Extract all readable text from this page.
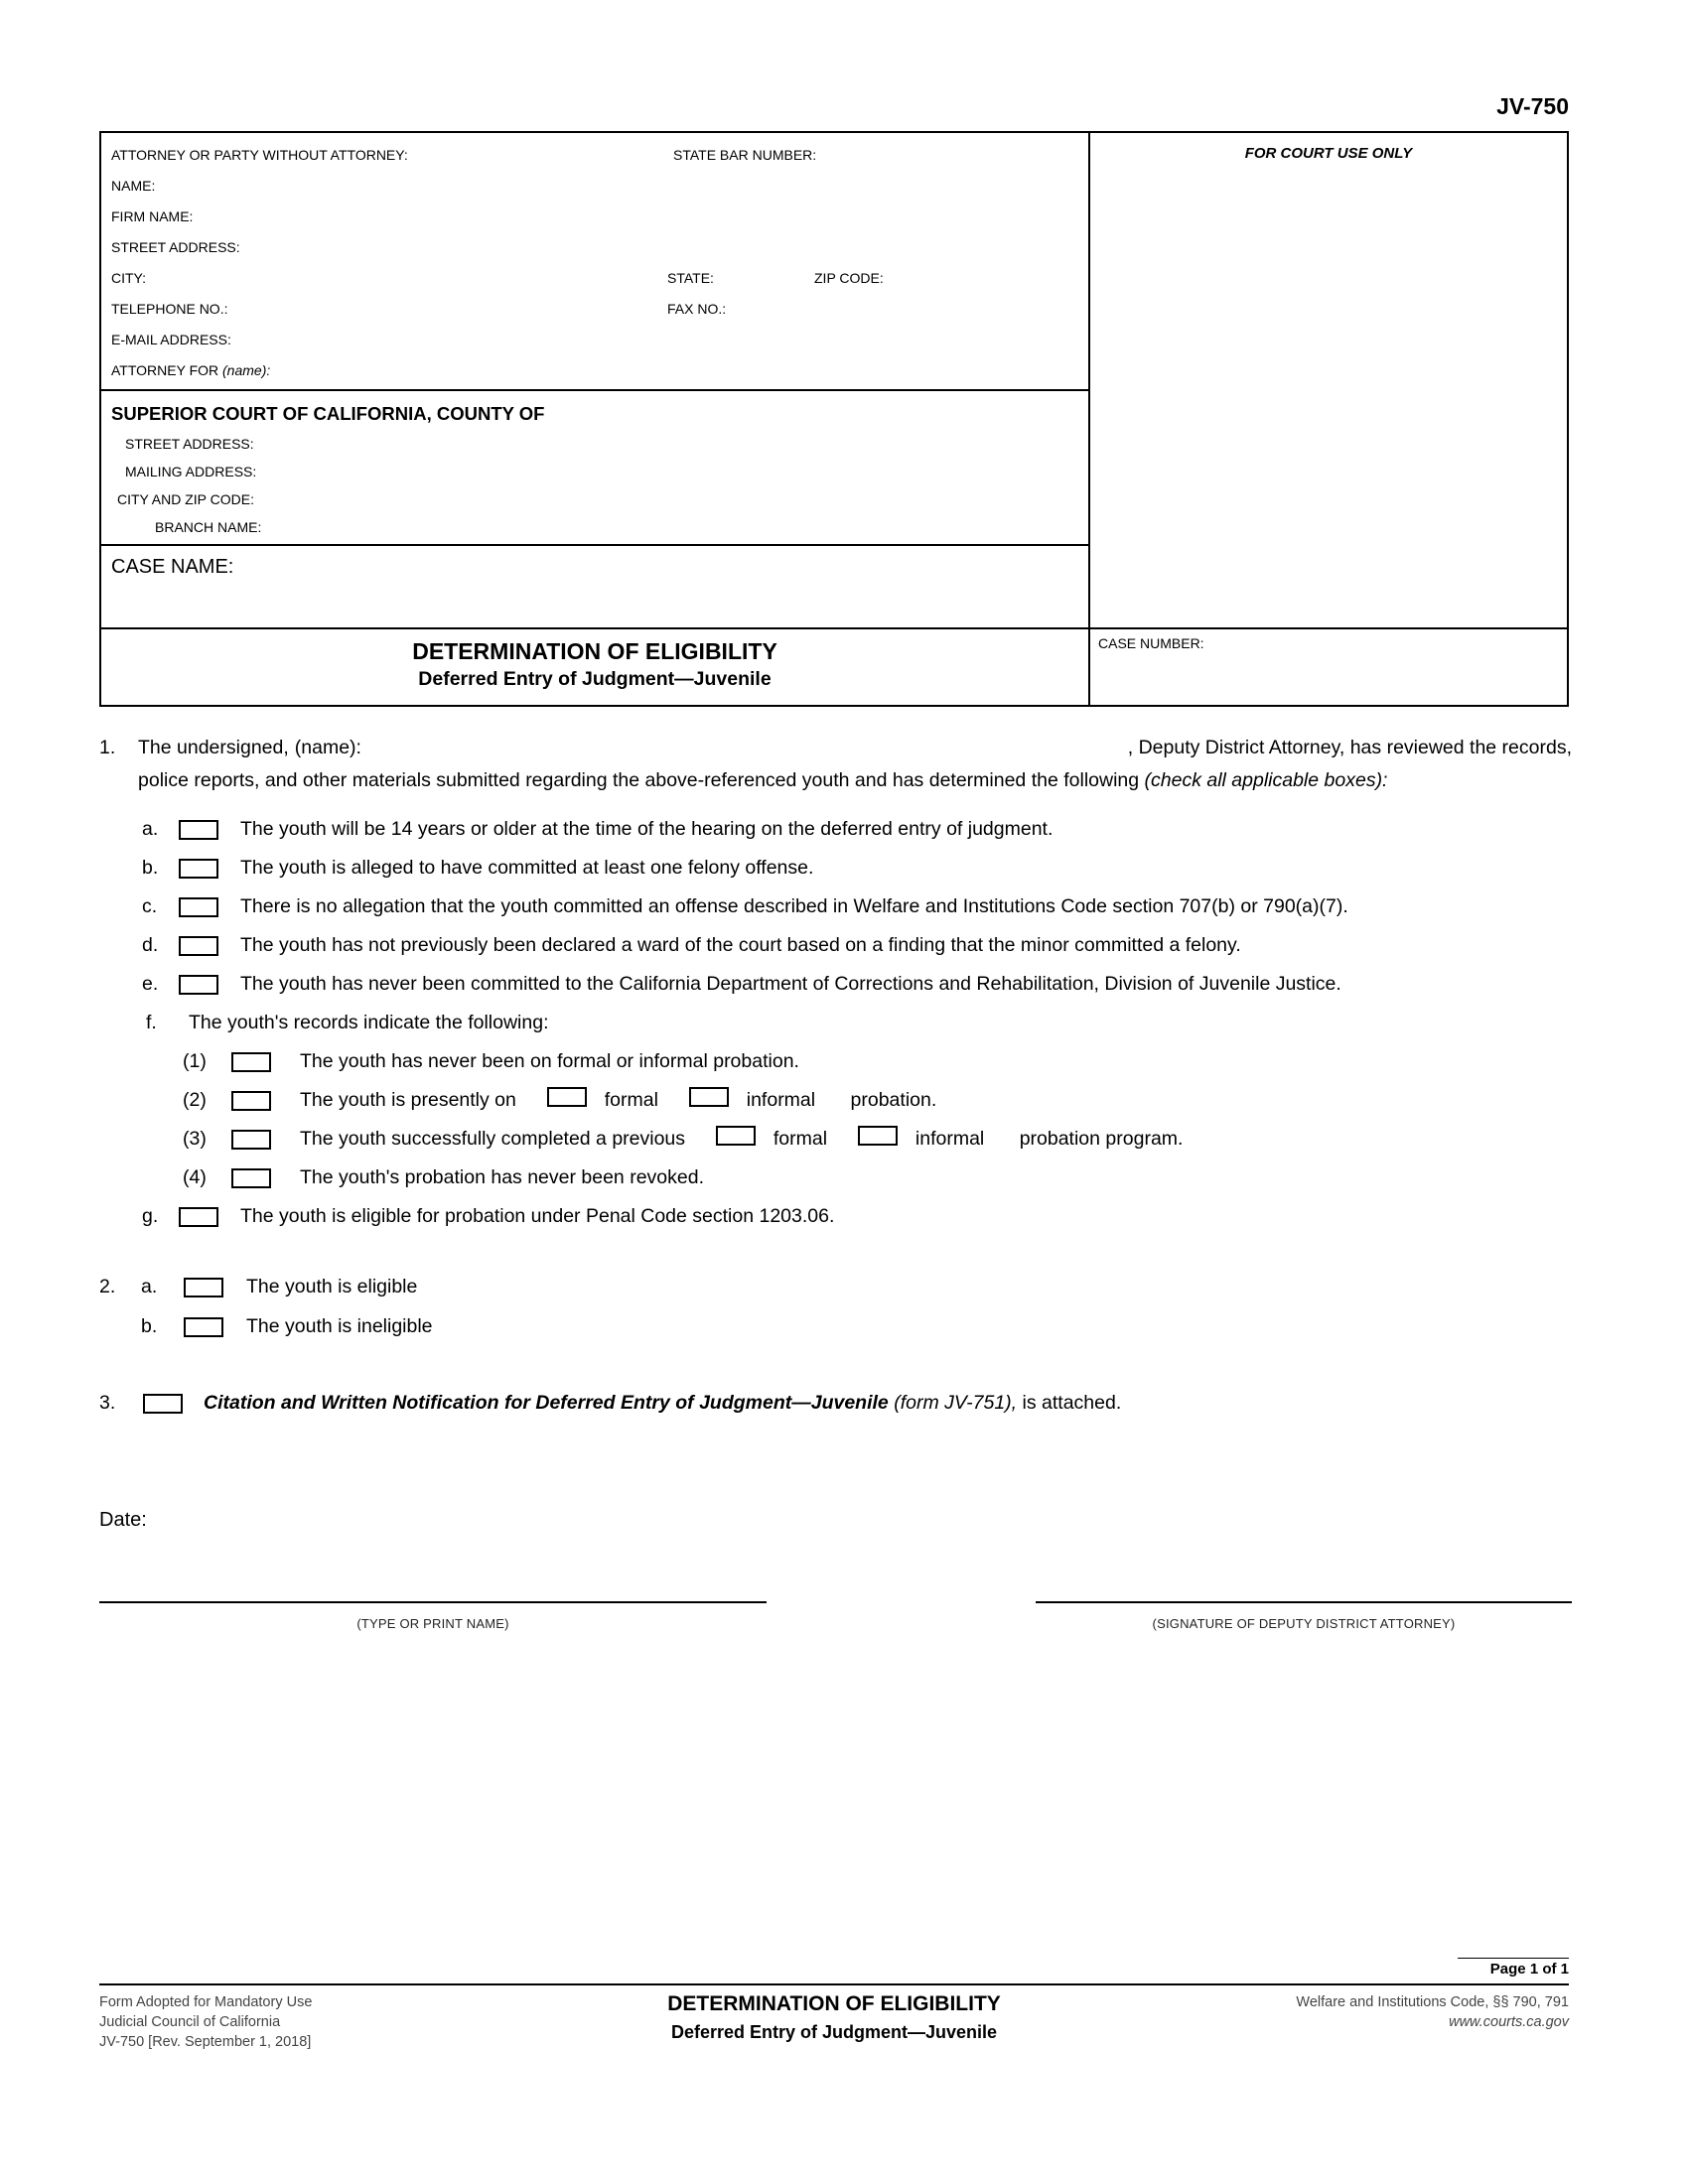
JV-750
ATTORNEY OR PARTY WITHOUT ATTORNEY:	STATE BAR NUMBER:
NAME:
FIRM NAME:
STREET ADDRESS:
CITY:	STATE:	ZIP CODE:
TELEPHONE NO.:	FAX NO.:
E-MAIL ADDRESS:
ATTORNEY FOR (name):
FOR COURT USE ONLY
SUPERIOR COURT OF CALIFORNIA, COUNTY OF
STREET ADDRESS:
MAILING ADDRESS:
CITY AND ZIP CODE:
BRANCH NAME:
CASE NAME:
DETERMINATION OF ELIGIBILITY
Deferred Entry of Judgment—Juvenile
CASE NUMBER:
1. The undersigned, (name):	, Deputy District Attorney, has reviewed the records,
police reports, and other materials submitted regarding the above-referenced youth and has determined the following (check all applicable boxes):
a.	The youth will be 14 years or older at the time of the hearing on the deferred entry of judgment.
b.	The youth is alleged to have committed at least one felony offense.
c.	There is no allegation that the youth committed an offense described in Welfare and Institutions Code section 707(b) or 790(a)(7).
d.	The youth has not previously been declared a ward of the court based on a finding that the minor committed a felony.
e.	The youth has never been committed to the California Department of Corrections and Rehabilitation, Division of Juvenile Justice.
f. The youth's records indicate the following:
(1)	The youth has never been on formal or informal probation.
(2)	The youth is presently on	formal	informal probation.
(3)	The youth successfully completed a previous	formal	informal probation program.
(4)	The youth's probation has never been revoked.
g.	The youth is eligible for probation under Penal Code section 1203.06.
2. a.	The youth is eligible
b.	The youth is ineligible
3.	Citation and Written Notification for Deferred Entry of Judgment—Juvenile (form JV-751), is attached.
Date:
(TYPE OR PRINT NAME)	(SIGNATURE OF DEPUTY DISTRICT ATTORNEY)
Page 1 of 1
Form Adopted for Mandatory Use
Judicial Council of California
JV-750 [Rev. September 1, 2018]
DETERMINATION OF ELIGIBILITY
Deferred Entry of Judgment—Juvenile
Welfare and Institutions Code, §§ 790, 791
www.courts.ca.gov
